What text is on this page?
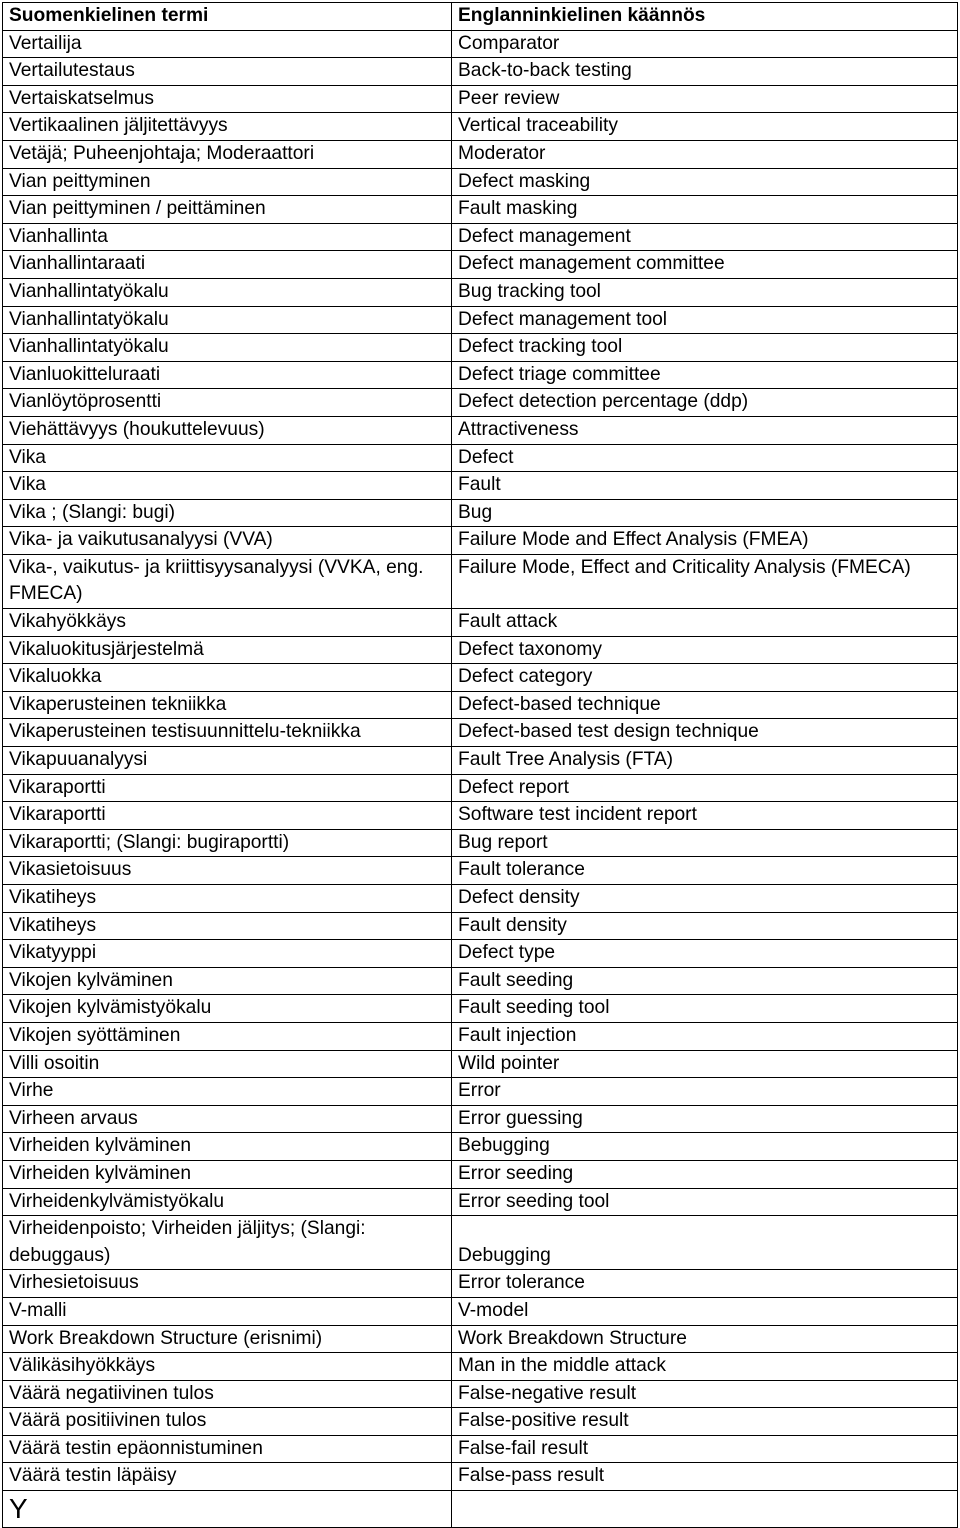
Suomenkielinen termi	Englanninkielinen käännös
Vertailija	Comparator
Vertailutestaus	Back-to-back testing
Vertaiskatselmus	Peer review
Vertikaalinen jäljitettävyys	Vertical traceability
Vetäjä; Puheenjohtaja; Moderaattori	Moderator
Vian peittyminen	Defect masking
Vian peittyminen / peittäminen	Fault masking
Vianhallinta	Defect management
Vianhallintaraati	Defect management committee
Vianhallintatyökalu	Bug tracking tool
Vianhallintatyökalu	Defect management tool
Vianhallintatyökalu	Defect tracking tool
Vianluokitteluraati	Defect triage committee
Vianlöytöprosentti	Defect detection percentage (ddp)
Viehättävyys (houkuttelevuus)	Attractiveness
Vika	Defect
Vika	Fault
Vika ; (Slangi: bugi)	Bug
Vika- ja vaikutusanalyysi (VVA)	Failure Mode and Effect Analysis (FMEA)
Vika-, vaikutus- ja kriittisyysanalyysi (VVKA, eng. FMECA)	Failure Mode, Effect and Criticality Analysis (FMECA)
Vikahyökkäys	Fault attack
Vikaluokitusjärjestelmä	Defect taxonomy
Vikaluokka	Defect category
Vikaperusteinen tekniikka	Defect-based technique
Vikaperusteinen testisuunnittelu-tekniikka	Defect-based test design technique
Vikapuuanalyysi	Fault Tree Analysis (FTA)
Vikaraportti	Defect report
Vikaraportti	Software test incident report
Vikaraportti; (Slangi: bugiraportti)	Bug report
Vikasietoisuus	Fault tolerance
Vikatiheys	Defect density
Vikatiheys	Fault density
Vikatyyppi	Defect type
Vikojen kylväminen	Fault seeding
Vikojen kylvämistyökalu	Fault seeding tool
Vikojen syöttäminen	Fault injection
Villi osoitin	Wild pointer
Virhe	Error
Virheen arvaus	Error guessing
Virheiden kylväminen	Bebugging
Virheiden kylväminen	Error seeding
Virheidenkylvämistyökalu	Error seeding tool
Virheidenpoisto; Virheiden jäljitys; (Slangi: debuggaus)	Debugging
Virhesietoisuus	Error tolerance
V-malli	V-model
Work Breakdown Structure (erisnimi)	Work Breakdown Structure
Välikäsihyökkäys	Man in the middle attack
Väärä negatiivinen tulos	False-negative result
Väärä positiivinen tulos	False-positive result
Väärä testin epäonnistuminen	False-fail result
Väärä testin läpäisy	False-pass result
Y	
